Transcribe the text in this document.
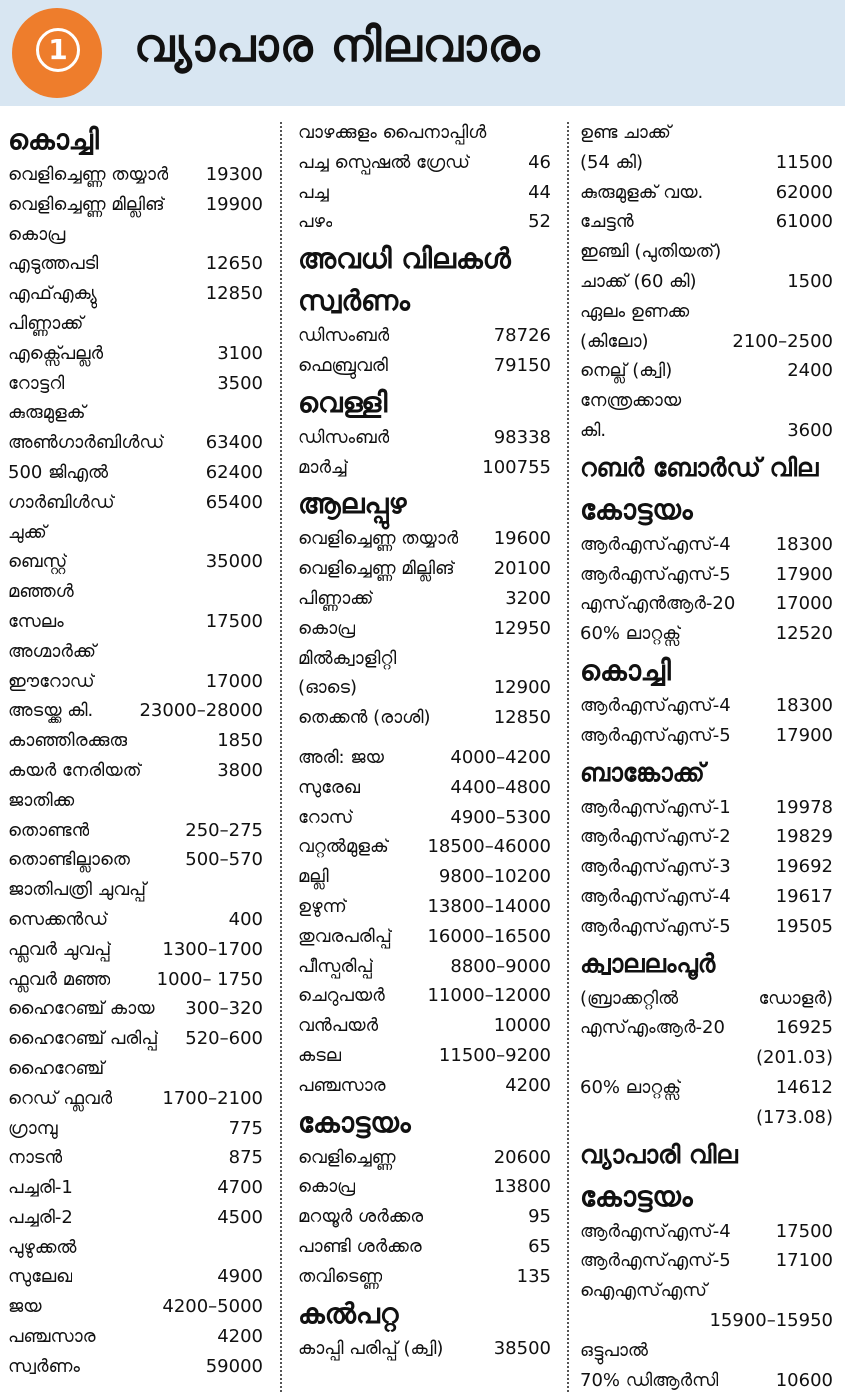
1 വ്യാപാര നിലവാരം
കൊച്ചി
വെളിച്ചെണ്ണ തയ്യാർ 19300
വെളിച്ചെണ്ണ മില്ലിങ് 19900
കൊപ്ര
എടുത്തപടി	12650
എഫ്എക്യു	12850
പിണ്ണാക്ക്
എക്സ്പെല്ലർ	3100
റോട്ടറി	3500
കുരുമുളക്
അൺഗാർബിൾഡ് 63400
500 ജിഎൽ	62400
ഗാർബിൾഡ്	65400
ചുക്ക്
ബെസ്റ്റ്	35000
മഞ്ഞൾ
സേലം	17500
അഗ്മാർക്ക്
ഈറോഡ്	17000
അടയ്ക്ക കി.	23000–28000
കാഞ്ഞിരക്കുരു	1850
കയർ നേരിയത്	3800
ജാതിക്ക
തൊണ്ടൻ	250–275
തൊണ്ടില്ലാതെ	500–570
ജാതിപത്രി ചുവപ്പ്
സെക്കൻഡ്	400
ഫ്ലവർ ചുവപ്പ്	1300–1700
ഫ്ലവർ മഞ്ഞ	1000– 1750
ഹൈറേഞ്ച് കായ 300–320
ഹൈറേഞ്ച് പരിപ്പ് 520–600
ഹൈറേഞ്ച്
റെഡ് ഫ്ലവർ	1700–2100
ഗ്രാമ്പു	775
നാടൻ	875
പച്ചരി-1	4700
പച്ചരി-2	4500
പുഴുക്കൽ
സുലേഖ	4900
ജയ	4200–5000
പഞ്ചസാര	4200
സ്വർണം	59000
വാഴക്കുളം പൈനാപ്പിൾ
പച്ച സ്പെഷൽ ഗ്രേഡ്	46
പച്ച	44
പഴം	52
അവധി വിലകൾ
സ്വർണം
ഡിസംബർ	78726
ഫെബ്രുവരി	79150
വെള്ളി
ഡിസംബർ	98338
മാർച്ച്	100755
ആലപ്പുഴ
വെളിച്ചെണ്ണ തയ്യാർ 19600
വെളിച്ചെണ്ണ മില്ലിങ് 20100
പിണ്ണാക്ക്	3200
കൊപ്ര	12950
മിൽക്വാളിറ്റി
(ഓടെ)	12900
തെക്കൻ (രാശി)	12850
അരി: ജയ	4000–4200
സുരേഖ	4400–4800
റോസ്	4900–5300
വറ്റൽമുളക് 18500–46000
മല്ലി	9800–10200
ഉഴുന്ന്	13800–14000
തുവരപരിപ്പ് 16000–16500
പീസ്പരിപ്പ്	8800–9000
ചെറുപയർ 11000–12000
വൻപയർ	10000
കടല	11500–9200
പഞ്ചസാര	4200
കോട്ടയം
വെളിച്ചെണ്ണ	20600
കൊപ്ര	13800
മറയൂർ ശർക്കര	95
പാണ്ടി ശർക്കര	65
തവിടെണ്ണ	135
കൽപറ്റ
കാപ്പി പരിപ്പ് (ക്വി)	38500
ഉണ്ട ചാക്ക്
(54 കി)	11500
കുരുമുളക് വയ.	62000
ചേട്ടൻ	61000
ഇഞ്ചി (പുതിയത്)
ചാക്ക് (60 കി)	1500
ഏലം ഉണക്ക
(കിലോ)	2100–2500
നെല്ല് (ക്വി)	2400
നേന്ത്രക്കായ
കി.	3600
റബർ ബോർഡ് വില
കോട്ടയം
ആർഎസ്എസ്-4	18300
ആർഎസ്എസ്-5	17900
എസ്എൻആർ-20 17000
60% ലാറ്റക്സ്	12520
കൊച്ചി
ആർഎസ്എസ്-4	18300
ആർഎസ്എസ്-5	17900
ബാങ്കോക്ക്
ആർഎസ്എസ്-1	19978
ആർഎസ്എസ്-2	19829
ആർഎസ്എസ്-3	19692
ആർഎസ്എസ്-4	19617
ആർഎസ്എസ്-5	19505
ക്വാലലംപൂർ
(ബ്രാക്കറ്റിൽ	ഡോളർ)
എസ്എംആർ-20	16925
(201.03)
60% ലാറ്റക്സ്	14612
(173.08)
വ്യാപാരി വില
കോട്ടയം
ആർഎസ്എസ്-4	17500
ആർഎസ്എസ്-5	17100
ഐഎസ്എസ്
15900–15950
ഒട്ടുപാൽ
70% ഡിആർസി	10600
